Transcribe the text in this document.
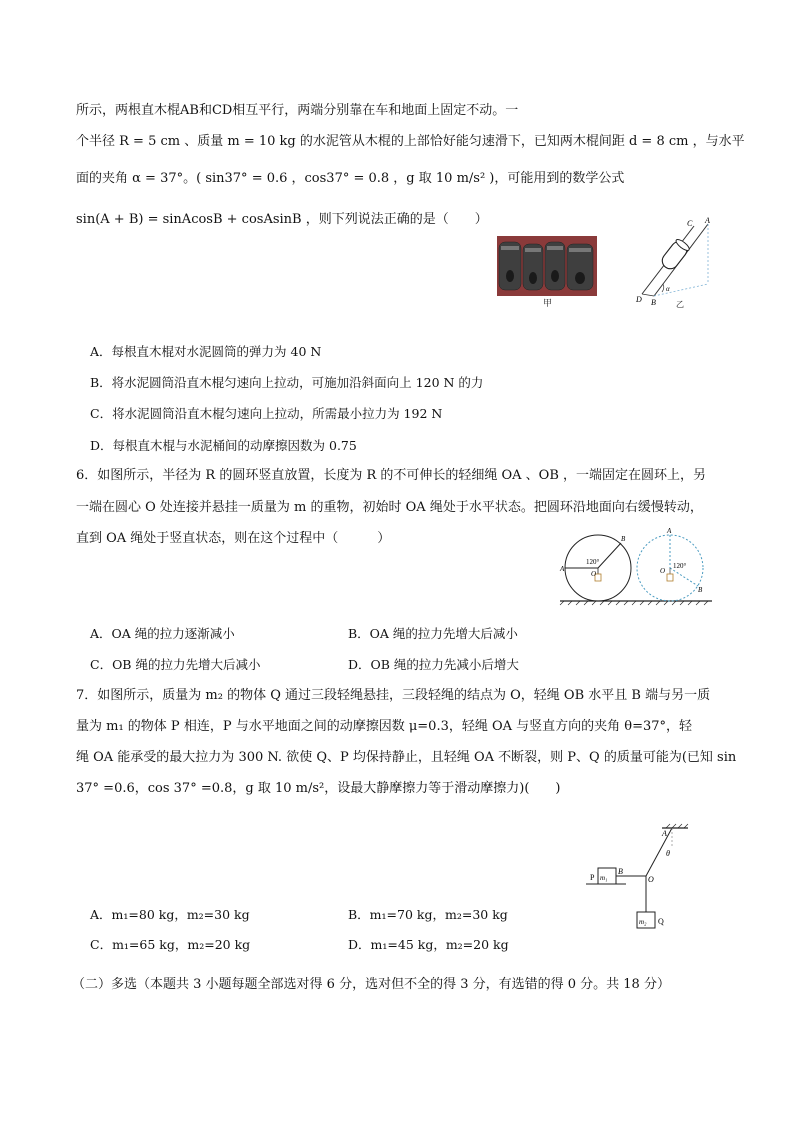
所示，两根直木棍AB和CD相互平行，两端分别靠在车和地面上固定不动。一
个半径 R = 5 cm 、质量 m = 10 kg 的水泥管从木棍的上部恰好能匀速滑下，已知两木棍间距 d = 8 cm ，与水平
面的夹角 α = 37°。( sin37° = 0.6 ，cos37° = 0.8 ，g 取 10 m/s² )，可能用到的数学公式
sin(A + B) = sinAcosB + cosAsinB ，则下列说法正确的是（　　）
甲
C A
D B
α
乙
A．每根直木棍对水泥圆筒的弹力为 40 N
B．将水泥圆筒沿直木棍匀速向上拉动，可施加沿斜面向上 120 N 的力
C．将水泥圆筒沿直木棍匀速向上拉动，所需最小拉力为 192 N
D．每根直木棍与水泥桶间的动摩擦因数为 0.75
6．如图所示，半径为 R 的圆环竖直放置，长度为 R 的不可伸长的轻细绳 OA 、OB ，一端固定在圆环上，另
一端在圆心 O 处连接并悬挂一质量为 m 的重物，初始时 OA 绳处于水平状态。把圆环沿地面向右缓慢转动，
直到 OA 绳处于竖直状态，则在这个过程中（　　　）
120°
A
B
O
120°
A
B
O
A．OA 绳的拉力逐渐减小	B．OA 绳的拉力先增大后减小
C．OB 绳的拉力先增大后减小	D．OB 绳的拉力先减小后增大
7．如图所示，质量为 m₂ 的物体 Q 通过三段轻绳悬挂，三段轻绳的结点为 O，轻绳 OB 水平且 B 端与另一质
量为 m₁ 的物体 P 相连，P 与水平地面之间的动摩擦因数 μ=0.3，轻绳 OA 与竖直方向的夹角 θ=37°，轻
绳 OA 能承受的最大拉力为 300 N. 欲使 Q、P 均保持静止，且轻绳 OA 不断裂，则 P、Q 的质量可能为(已知 sin
37° =0.6，cos 37° =0.8，g 取 10 m/s²，设最大静摩擦力等于滑动摩擦力)(　　)
P m₁
B
O
A
θ
m₂ Q
A．m₁=80 kg，m₂=30 kg	B．m₁=70 kg，m₂=30 kg
C．m₁=65 kg，m₂=20 kg	D．m₁=45 kg，m₂=20 kg
（二）多选（本题共 3 小题每题全部选对得 6 分，选对但不全的得 3 分，有选错的得 0 分。共 18 分）
